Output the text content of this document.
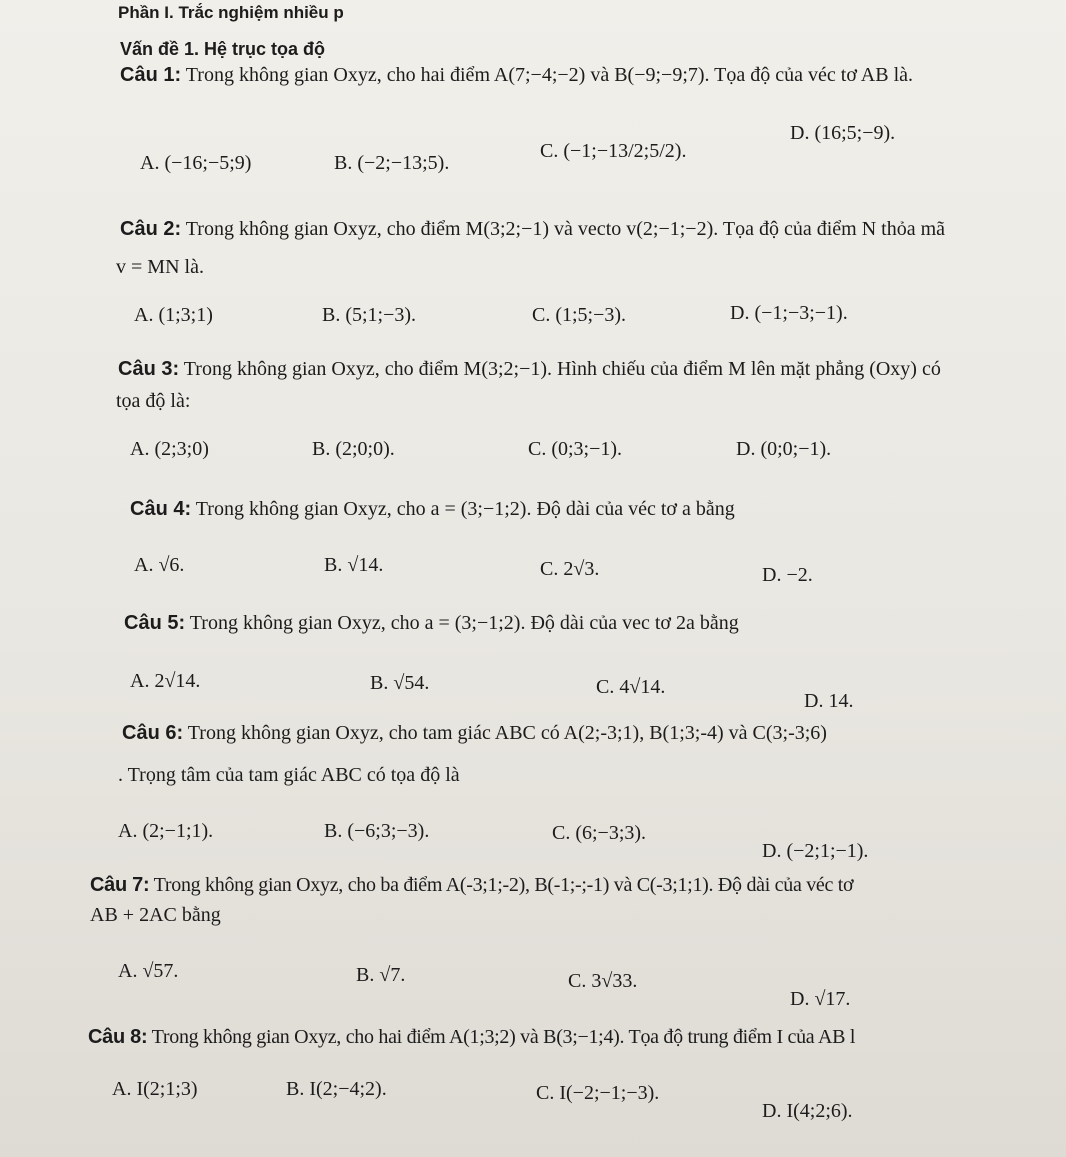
Phần I. Trắc nghiệm nhiều p
Vấn đề 1. Hệ trục tọa độ
Câu 1: Trong không gian Oxyz, cho hai điểm A(7;−4;−2) và B(−9;−9;7). Tọa độ của véc tơ AB là.
A. (−16;−5;9)	B. (−2;−13;5).
C. (−1;−13/2;5/2).
D. (16;5;−9).
Câu 2: Trong không gian Oxyz, cho điểm M(3;2;−1) và vecto v(2;−1;−2). Tọa độ của điểm N thỏa mã
v = MN là.
A. (1;3;1)	B. (5;1;−3).	C. (1;5;−3).	D. (−1;−3;−1).
Câu 3: Trong không gian Oxyz, cho điểm M(3;2;−1). Hình chiếu của điểm M lên mặt phẳng (Oxy) có
tọa độ là:
A. (2;3;0)	B. (2;0;0).	C. (0;3;−1).	D. (0;0;−1).
Câu 4: Trong không gian Oxyz, cho a = (3;−1;2). Độ dài của véc tơ a bằng
A. √6.	B. √14.	C. 2√3.	D. −2.
Câu 5: Trong không gian Oxyz, cho a = (3;−1;2). Độ dài của vec tơ 2a bằng
A. 2√14.	B. √54.	C. 4√14.
D. 14.
Câu 6: Trong không gian Oxyz, cho tam giác ABC có A(2;-3;1), B(1;3;-4) và C(3;-3;6)
. Trọng tâm của tam giác ABC có tọa độ là
A. (2;−1;1).	B. (−6;3;−3).	C. (6;−3;3).
D. (−2;1;−1).
Câu 7: Trong không gian Oxyz, cho ba điểm A(-3;1;-2), B(-1;-;-1) và C(-3;1;1). Độ dài của véc tơ
AB + 2AC bằng
A. √57.	B. √7.	C. 3√33.
D. √17.
Câu 8: Trong không gian Oxyz, cho hai điểm A(1;3;2) và B(3;−1;4). Tọa độ trung điểm I của AB l
A. I(2;1;3)	B. I(2;−4;2).	C. I(−2;−1;−3).
D. I(4;2;6).
